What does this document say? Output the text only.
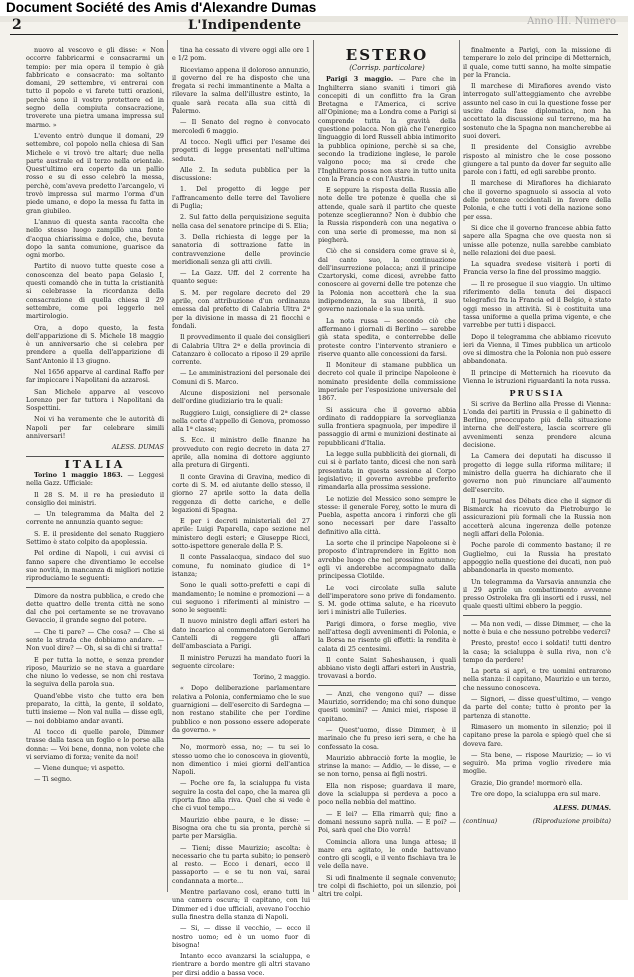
Document Société des Amis d'Alexandre Dumas
2	L'Indipendente	Anno III. Numero

nuovo al vescovo e gli disse: « Non occorre fabbricarmi e consacrarmi un tempio: per mia opera il tempio è già fabbricato e consacrato: ma soltanto domani, 29 settembre, vi entrerai con tutto il popolo e vi farete tutti orazioni, perchè sono il vostro protettore ed in segno della compiuta consacrazione, troverete una pietra umana impressa sul marmo. »

L'evento entrò dunque il domani, 29 settembre, col popolo nella chiesa di San Michele e vi trovò tre altari; due nella parte australe ed il terzo nella orientale. Quest'ultimo era coperto da un pallio rosso e su di esso celebrò la messa, perchè, com'aveva predetto l'arcangelo, vi trovò impressa sul marmo l'orma d'un piede umano, e dopo la messa fu fatta in gran giubileo.

L'annuo di questa santa raccolta che nello stesso luogo zampillò una fonte d'acqua chiarissima e dolce, che, bevuta dopo la santa comunione, guarisce da ogni morbo.

Partito di nuovo tutte queste cose a conoscenza del beato papa Gelasio I, questi comandò che in tutta la cristianità si celebrasse la ricordanza della consacrazione di quella chiesa il 29 settembre, come poi leggerlo nel martirologio.

Ora, a dopo questo, la festa dell'apparizione di S. Michele 18 maggio è un anniversario che si celebra per prendere a quella dell'apparizione di Sant'Antonio il 13 giugno.

Nel 1656 apparve al cardinal Raffo per far impiccare i Napolitani da azzarosi.

San Michele apparve al vescovo Lorenzo per far tuttora i Napolitani da Sospettini.

Noi vi ha veramente che le autorità di Napoli per far celebrare simili anniversari!

ALESS. DUMAS
ITALIA

Torino 1 maggio 1863. — Leggesi nella Gazz. Ufficiale:

Il 28 S. M. il re ha presieduto il consiglio dei ministri.

— Un telegramma da Malta del 2 corrente ne annunzia quanto segue:

S. E. il presidente del senato Ruggiero Settimo è stato colpito da apoplessia.

Pel ordine di Napoli, i cui avvisi ci fanno sapere che diventiamo le eccelse sue novità, in mancanza di migliori notizie riproduciamo le seguenti:

Dimore da nostra pubblica, e credo che dette quattro delle trenta città ne sono dal che poi certamente se ne trovavano Gevaccio, il grande segno del potere.

— Che ti pare? — Che cosa? — Che si sente la strada che dobbiamo andare. — Non vuol dire? — Oh, si sa di chi si tratta!

E per tutta la notte, e senza prender riposo, Maurizio se ne stava a guardare che niuno lo vedesse, se non chi restava la seguiva della parola sua.

Quand'ebbe visto che tutto era ben preparato, la città, la gente, il soldato, tutti insieme — Non val nulla — disse egli, — noi dobbiamo andar avanti.

Al tocco di quelle parole, Dimmer trasse dalla tasca un foglio e lo porse alla donna: — Voi bene, donna, non volete che vi serviamo di forza; venite da noi!

— Viene dunque; vi aspetto.

— Ti segno.

tina ha cessato di vivere oggi alle ore 1 e 1/2 pom.

Riceviamo appena il doloroso annunzio, il governo del re ha disposto che una fregata si rechi immantinente a Malta a rilevare la salma dell'illustre estinto, la quale sarà recata alla sua città di Palermo.

— Il Senato del regno è convocato mercoledì 6 maggio.

Al tocco. Negli uffici per l'esame dei progetti di legge presentati nell'ultima seduta.

Alle 2. In seduta pubblica per la discussione:

1. Del progetto di legge per l'affrancamento delle terre del Tavoliere di Puglia;

2. Sul fatto della perquisizione seguita nella casa del senatore principe di S. Elia;

3. Della richiesta di legge per la sanatoria di sottrazione fatte in contravvenzione delle provincie meridionali senza gli atti civili.

— La Gazz. Uff. del 2 corrente ha quanto segue:

S. M. per regolare decreto del 29 aprile, con attribuzione d'un ordinanza emessa dal prefetto di Calabria Ultra 2ª per la divisione in massa di 21 fiocchi e fondali.

Il provvedimento il quale dei consiglieri di Calabria Ultra 2ª e della provincia di Catanzaro è collocato a riposo il 29 aprile corrente.

— Le amministrazioni del personale dei Comuni di S. Marco.

Alcune disposizioni nel personale dell'ordine giudiziario tra le quali:

Ruggiero Luigi, consigliere di 2ª classe nella corte d'appello di Genova, promosso alla 1ª classe;

S. Ecc. il ministro delle finanze ha provveduto con regio decreto in data 27 aprile, alla nomina di dottore aggiunto alla pretura di Girgenti.

Il conte Gravina di Gravina, medico di corte di S. M. ed aiutante dello stesso, il giorno 27 aprile sotto la data della reggenza di dette cariche, e delle legazioni di Spagna.

E per i decreti ministeriali del 27 aprile: Luigi Paparella, capo sezione nel ministero degli esteri; e Giuseppe Ricci, sotto-ispettore generale della P. S.

Il conte Passalacqua, sindaco del suo comune, fu nominato giudice di 1ª istanza;

Sono le quali sotto-prefetti e capi di mandamento; le nomine e promozioni — a cui seguono i riferimenti al ministro — sono le seguenti:

Il nuovo ministro degli affari esteri ha dato incarico al commendatore Gerolamo Cantelli di reggere gli affari dell'ambasciata a Parigi.

Il ministro Peruzzi ha mandato fuori la seguente circolare:

Torino, 2 maggio.

« Dopo deliberazione parlamentare relativa a Polonia, confermiamo che le sue guarnigioni — dell'esercito di Sardegna — non restano stabilite che per l'ordine pubblico e non possono essere adoperate da governo. »

No, mormorò essa, no; — tu sei lo stesso uomo che io conosceva in gioventù, non dimentico i miei giorni dell'antica Napoli.

— Poche ore fa, la scialuppa fu vista seguire la costa del capo, che la marea gli riporta fino alla riva. Quel che si vede è che ci vuol tempo...

Maurizio ebbe paura, e le disse: — Bisogna ora che tu sia pronta, perchè si parte per Marsiglia.

— Tieni; disse Maurizio; ascolta: è necessario che tu parta subito; io penserò al resto. — Ecco i denari, ecco il passaporto — e se tu non vai, sarai condannata a morte...

Mentre parlavano così, erano tutti in una camera oscura; il capitano, con lui Dimmer ed i due ufficiali, avevano l'occhio sulla finestra della stanza di Napoli.

— Si, — disse il vecchio, — ecco il nostro uomo; ed è un uomo fuor di bisogna!

Intanto ecco avanzarsi la scialuppa, e rientrare a bordo mentre gli altri stavano per dirsi addio a bassa voce.

ESTERO
(Corrisp. particolare)

Parigi 3 maggio. — Pare che in Inghilterra siano svaniti i timori già concepiti di un conflitto fra la Gran Bretagna e l'America, ci scrive all'Opinione; ma a Londra come a Parigi si comprende tutta la gravità della questione polacca. Non già che l'energico linguaggio di lord Russell abbia intimorito la pubblica opinione, perchè si sa che, secondo la tradizione inglese, le parole valgono poco; ma si crede che l'Inghilterra possa non stare in tutto unita con la Francia e con l'Austria.

E seppure la risposta della Russia alle note delle tre potenze è quella che si attende, quale sarà il partito che queste potenze sceglieranno? Non è dubbio che la Russia risponderà con una negativa o con una serie di promesse, ma non si piegherà.

Ciò che si considera come grave si è, dal canto suo, la continuazione dell'insurrezione polacca; anzi il principe Czartoryski, come dicesi, avrebbe fatto conoscere ai governi delle tre potenze che la Polonia non accetterà che la sua indipendenza, la sua libertà, il suo governo nazionale e la sua unità.

La nota russa — secondo ciò che affermano i giornali di Berlino — sarebbe già stata spedita, e conterrebbe delle proteste contro l'intervento straniero e riserve quanto alle concessioni da farsi.

Il Moniteur di stamane pubblica un decreto col quale il principe Napoleone è nominato presidente della commissione imperiale per l'esposizione universale del 1867.

Si assicura che il governo abbia ordinato di raddoppiare la sorveglianza sulla frontiera spagnuola, per impedire il passaggio di armi e munizioni destinate ai repubblicani d'Italia.

La legge sulla pubblicità dei giornali, di cui si è parlato tanto, dicesi che non sarà presentata in questa sessione al Corpo legislativo; il governo avrebbe preferito rimandarla alla prossima sessione.

Le notizie del Messico sono sempre le stesse: il generale Forey, sotto le mura di Puebla, aspetta ancora i rinforzi che gli sono necessari per dare l'assalto definitivo alla città.

La sorte che il principe Napoleone si è proposto d'intraprendere in Egitto non avrebbe luogo che nel prossimo autunno; egli vi anderebbe accompagnato dalla principessa Clotilde.

Le voci circolate sulla salute dell'imperatore sono prive di fondamento. S. M. gode ottima salute, e ha ricevuto ieri i ministri alle Tuileries.

Parigi dimora, o forse meglio, vive nell'attesa degli avvenimenti di Polonia, e la Borsa ne risente gli effetti: la rendita è calata di 25 centesimi.

Il conte Saint Saheshausen, i quali abbiano visto degli affari esteri in Austria, trovavasi a bordo.

— Anzi, che vengono qui? — disse Maurizio, sorridendo; ma chi sono dunque questi uomini? — Amici miei, rispose il capitano.

— Quest'uomo, disse Dimmer, è il marinaio che fu preso ieri sera, e che ha confessato la cosa.

Maurizio abbracciò forte la moglie, le strinse la mano: — Addio, — le disse, — e se non torno, pensa ai figli nostri.

Ella non rispose; guardava il mare, dove la scialuppa si perdeva a poco a poco nella nebbia del mattino.

— E lei? — Ella rimarrà qui; fino a domani nessuno saprà nulla. — E poi? — Poi, sarà quel che Dio vorrà!

Comincia allora una lunga attesa; il mare era agitato, le onde battevano contro gli scogli, e il vento fischiava tra le vele della nave.

Si udì finalmente il segnale convenuto; tre colpi di fischietto, poi un silenzio, poi altri tre colpi.

finalmente a Parigi, con la missione di temperare lo zelo del principe di Metternich, il quale, come tutti sanno, ha molte simpatie per la Francia.

Il marchese di Mirafiores avendo visto interrogato sull'atteggiamento che avrebbe assunto nel caso in cui la questione fosse per uscire dalla fase diplomatica, non ha accettato la discussione sul terreno, ma ha sostenuto che la Spagna non mancherebbe ai suoi doveri.

Il presidente del Consiglio avrebbe risposto al ministro che le cose possono giungere a tal punto da dover far seguito alle parole con i fatti, ed egli sarebbe pronto.

Il marchese di Mirafiores ha dichiarato che il governo spagnuolo si associa al voto delle potenze occidentali in favore della Polonia, e che tutti i voti della nazione sono per essa.

Si dice che il governo francese abbia fatto sapere alla Spagna che ove questa non si unisse alle potenze, nulla sarebbe cambiato nelle relazioni dei due paesi.

La squadra svedese visiterà i porti di Francia verso la fine del prossimo maggio.

— Il re prosegue il suo viaggio. Un ultimo riferimento della tenuta dei dispacci telegrafici fra la Francia ed il Belgio, è stato oggi messo in attività. Si è costituita una tassa uniforme a quella prima vigente, e che varrebbe per tutti i dispacci.

Dopo il telegramma che abbiamo ricevuto ieri da Vienna, il Times pubblica un articolo ove si dimostra che la Polonia non può essere abbandonata.

Il principe di Metternich ha ricevuto da Vienna le istruzioni riguardanti la nota russa.

PRUSSIA

Si scrive da Berlino alla Presse di Vienna: L'onda dei partiti in Prussia e il gabinetto di Berlino, preoccupato più della situazione interna che dell'estera, lascia scorrere gli avvenimenti senza prendere alcuna decisione.

La Camera dei deputati ha discusso il progetto di legge sulla riforma militare; il ministro della guerra ha dichiarato che il governo non può rinunciare all'aumento dell'esercito.

Il Journal des Débats dice che il signor di Bismarck ha ricevuto da Pietroburgo le assicurazioni più formali che la Russia non accetterà alcuna ingerenza delle potenze negli affari della Polonia.

Poche parole di commento bastano; il re Guglielmo, cui la Russia ha prestato appoggio nella questione dei ducati, non può abbandonarla in questo momento.

Un telegramma da Varsavia annunzia che il 29 aprile un combattimento avvenne presso Ostroleka fra gli insorti ed i russi, nel quale questi ultimi ebbero la peggio.

— Ma non vedi, — disse Dimmer, — che la notte è buia e che nessuno potrebbe vederci?

Presto, presto! ecco i soldati! tutti dentro la casa; la scialuppa è sulla riva, non c'è tempo da perdere!

La porta si aprì, e tre uomini entrarono nella stanza: il capitano, Maurizio e un terzo, che nessuno conosceva.

— Signori, — disse quest'ultimo, — vengo da parte del conte; tutto è pronto per la partenza di stanotte.

Rimasero un momento in silenzio; poi il capitano prese la parola e spiegò quel che si doveva fare.

— Sta bene, — rispose Maurizio; — io vi seguirò. Ma prima voglio rivedere mia moglie.

Grazie, Dio grande! mormorò ella.

Tre ore dopo, la scialuppa era sul mare.

ALESS. DUMAS.
(continua)	(Riproduzione proibita)
